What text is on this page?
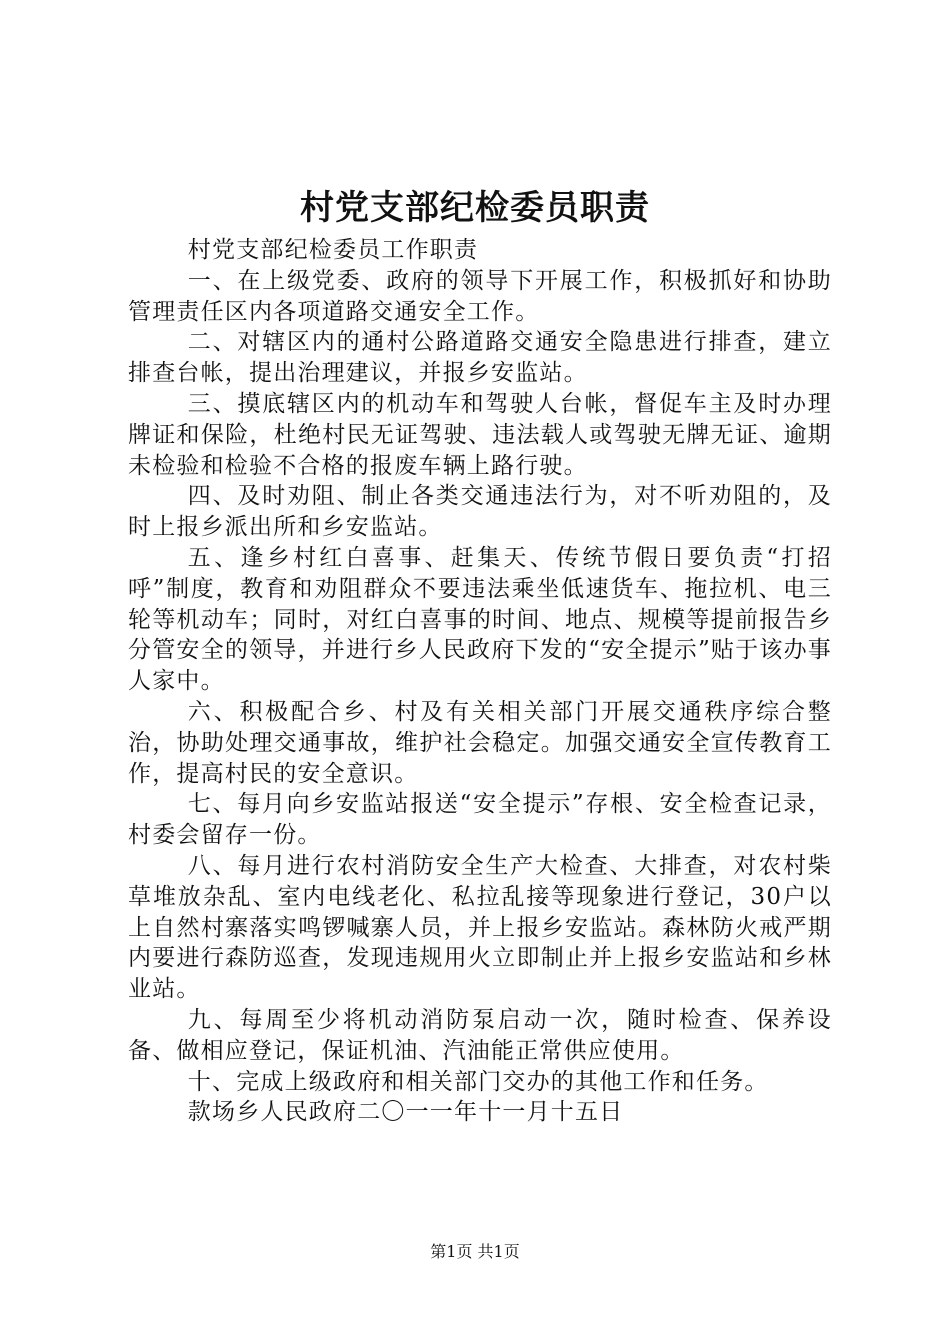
村党支部纪检委员职责

村党支部纪检委员工作职责

一、在上级党委、政府的领导下开展工作，积极抓好和协助管理责任区内各项道路交通安全工作。

二、对辖区内的通村公路道路交通安全隐患进行排查，建立排查台帐，提出治理建议，并报乡安监站。

三、摸底辖区内的机动车和驾驶人台帐，督促车主及时办理牌证和保险，杜绝村民无证驾驶、违法载人或驾驶无牌无证、逾期未检验和检验不合格的报废车辆上路行驶。

四、及时劝阻、制止各类交通违法行为，对不听劝阻的，及时上报乡派出所和乡安监站。

五、逢乡村红白喜事、赶集天、传统节假日要负责“打招呼”制度，教育和劝阻群众不要违法乘坐低速货车、拖拉机、电三轮等机动车；同时，对红白喜事的时间、地点、规模等提前报告乡分管安全的领导，并进行乡人民政府下发的“安全提示”贴于该办事人家中。

六、积极配合乡、村及有关相关部门开展交通秩序综合整治，协助处理交通事故，维护社会稳定。加强交通安全宣传教育工作，提高村民的安全意识。

七、每月向乡安监站报送“安全提示”存根、安全检查记录，村委会留存一份。

八、每月进行农村消防安全生产大检查、大排查，对农村柴草堆放杂乱、室内电线老化、私拉乱接等现象进行登记，30户以上自然村寨落实鸣锣喊寨人员，并上报乡安监站。森林防火戒严期内要进行森防巡查，发现违规用火立即制止并上报乡安监站和乡林业站。

九、每周至少将机动消防泵启动一次，随时检查、保养设备、做相应登记，保证机油、汽油能正常供应使用。

十、完成上级政府和相关部门交办的其他工作和任务。

款场乡人民政府二〇一一年十一月十五日

第1页 共1页
